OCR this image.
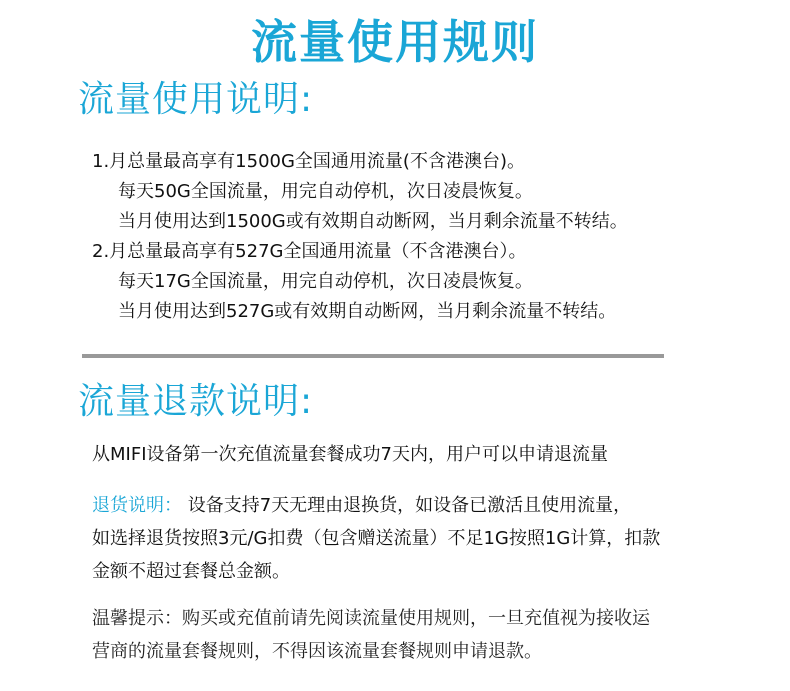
流量使用规则
流量使用说明:
1.月总量最高享有1500G全国通用流量(不含港澳台)。
每天50G全国流量，用完自动停机，次日凌晨恢复。
当月使用达到1500G或有效期自动断网，当月剩余流量不转结。
2.月总量最高享有527G全国通用流量（不含港澳台）。
每天17G全国流量，用完自动停机，次日凌晨恢复。
当月使用达到527G或有效期自动断网，当月剩余流量不转结。
流量退款说明:
从MIFI设备第一次充值流量套餐成功7天内，用户可以申请退流量
退货说明： 设备支持7天无理由退换货，如设备已激活且使用流量，
如选择退货按照3元/G扣费（包含赠送流量）不足1G按照1G计算，扣款
金额不超过套餐总金额。
温馨提示：购买或充值前请先阅读流量使用规则，一旦充值视为接收运
营商的流量套餐规则，不得因该流量套餐规则申请退款。
